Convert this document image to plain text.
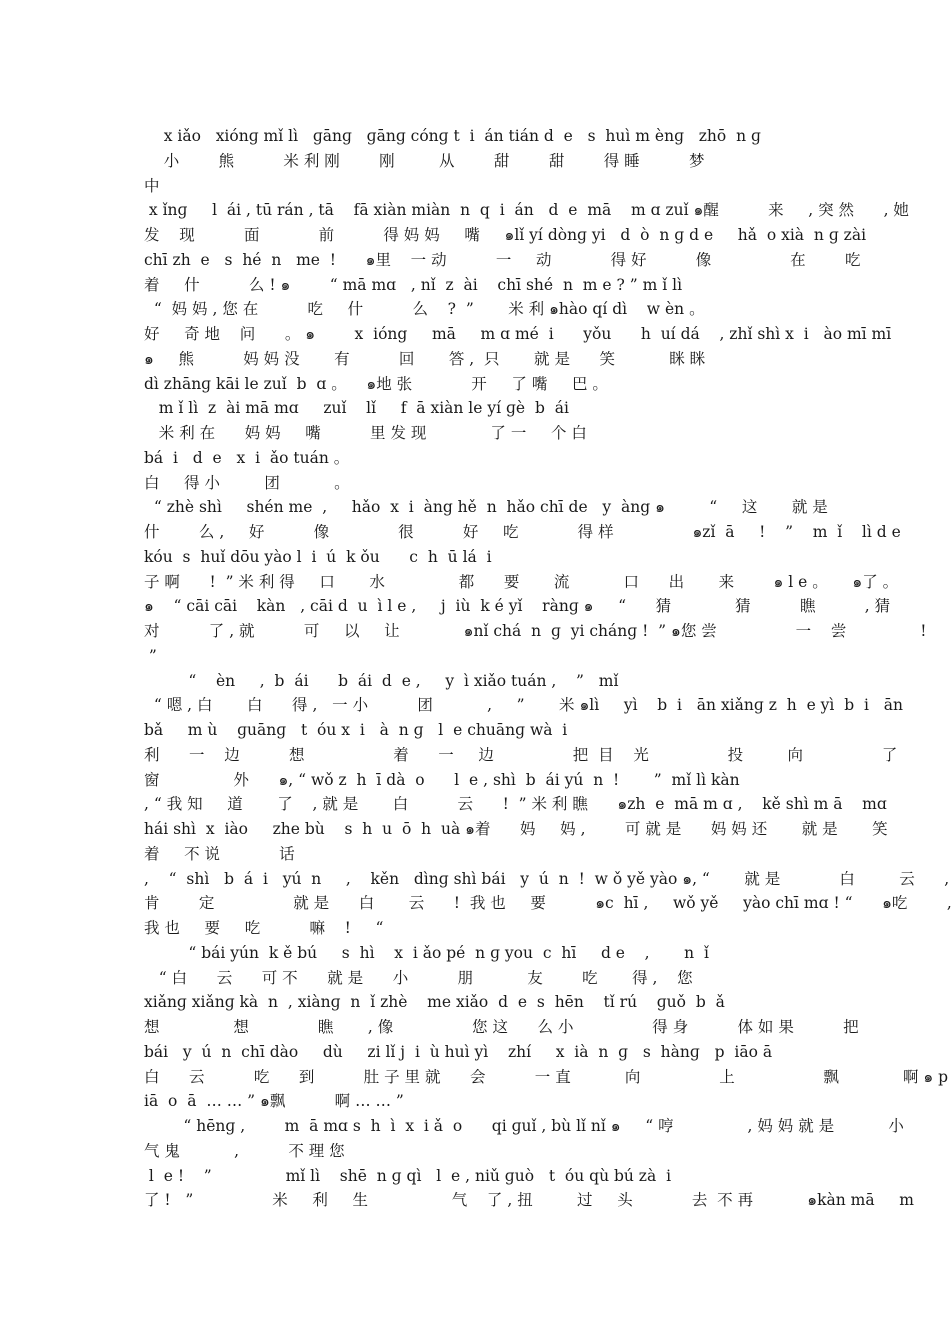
x iǎo   xiónɡ mǐ lì   ɡānɡ   ɡānɡ cónɡ t  i  án tián d  e   s  huì m ènɡ   zhō  n ɡ
小        熊          米 利 刚        刚         从        甜        甜        得 睡          梦
中
x ǐnɡ     l  ái , tū rán , tā    fā xiàn miàn  n  q  i  án   d  e  mā    m ɑ zuǐ ๑醒          来     , 突 然      , 她
发    现          面            前          得 妈 妈     嘴     ๑lǐ yí dònɡ yi   d  ò  n ɡ d e     hǎ  o xià  n ɡ zài
chī zh  e   s  hé  n   me  !      ๑里    一 动          一     动            得 好          像                在        吃
着     什          么 ! ๑        “ mā mɑ   , nǐ  z  ài    chī shé  n  m e ? ” m ǐ lì
“  妈 妈 , 您 在          吃     什          么    ?  ”       米 利 ๑hào qí dì    w èn 。
好     奇 地    问      。 ๑        x  ióng     mā     m ɑ mé  i      yǒu      h  uí dá    , zhǐ shì x  i   ào mī mī
๑     熊          妈 妈 没       有          回       答 ,  只       就 是      笑           眯 眯
dì zhānɡ kāi le zuǐ  b  ɑ 。    ๑地 张            开     了 嘴     巴 。
m ǐ lì  z  ài mā mɑ     zuǐ    lǐ     f  ā xiàn le yí ɡè  b  ái
米 利 在      妈 妈     嘴          里 发 现             了 一     个 白
bá  i   d  e   x  i  ǎo tuán 。
白     得 小         团           。
“ zhè shì     shén me  ,     hǎo  x  i  àng hě  n  hǎo chī de   y  àng ๑         “     这       就 是
什        么 ,     好          像              很          好     吃            得 样                ๑zǐ  ā     !    ”    m  ǐ    lì d e
kóu  s  huǐ dōu yào l  i  ú  k ǒu      c  h  ū lá  i
子 啊      !  ” 米 利 得     口       水               都      要       流           口      出       来        ๑ l e 。     ๑了 。
๑    “ cāi cāi    kàn   , cāi d  u  ì l e ,     j  iù  k é yǐ    rànɡ ๑     “      猜             猜          瞧          , 猜
对          了 , 就          可     以     让             ๑nǐ chá  n  ɡ  yi chánɡ !  ” ๑您 尝                一    尝               !
”
“    èn     ,  b  ái      b  ái  d  e ,     y  ì xiǎo tuán ,    ”   mǐ
“ 嗯 , 白       白      得 ,   一 小          团           ,     ”       米 ๑lì     yì    b  i   ān xiǎnɡ z  h  e yì  b  i   ān
bǎ     m ù    ɡuānɡ   t  óu x  i   à  n ɡ   l  e chuānɡ wà  i
利      一    边          想                  着      一     边                把  目    光                投         向                了
窗               外      ๑, “ wǒ z  h  ī dà  o      l  e , shì  b  ái yú  n  !       ”  mǐ lì kàn
, “ 我 知     道       了    , 就 是       白          云      !  ” 米 利 瞧      ๑zh  e  mā m ɑ ,    kě shì m ā    mɑ
hái shì  x  iào     zhe bù    s  h  u  ō  h  uà ๑着      妈     妈 ,        可 就 是      妈 妈 还       就 是       笑
着     不 说            话
,    “  shì   b  á  i   yú  n     ,    kěn   dìnɡ shì bái   y  ú  n  !  w ǒ yě yào ๑, “       就 是            白         云      ,
肯        定                就 是      白       云      !  我 也     要          ๑c  hī ,     wǒ yě     yào chī mɑ ! “      ๑吃        ,
我 也     要     吃          嘛    !     “
“ bái yún  k ě bú     s  hì    x  i ǎo pé  n ɡ you  c  hī     d e    ,       n  ǐ
“ 白      云      可 不      就 是      小          朋           友        吃       得 ,    您
xiǎnɡ xiǎnɡ kà  n  , xiànɡ  n  ǐ zhè    me xiǎo  d  e  s  hēn    tǐ rú    ɡuǒ  b  ǎ
想               想              瞧       , 像                您 这      么 小                得 身          体 如 果          把
bái   y  ú  n  chī dào     dù     zi lǐ j  i  ù huì yì    zhí     x  ià  n  ɡ   s  hànɡ   p  iāo ā
白      云          吃      到          肚 子 里 就      会          一 直           向                上                  飘             啊 ๑ p
iā  o  ā  … … ” ๑飘          啊 … … ”
“ hēnɡ ,        m  ā mɑ s  h  ì  x  i ǎ  o      qi ɡuǐ , bù lǐ nǐ ๑     “ 哼               , 妈 妈 就 是           小
气 鬼           ,          不 理 您
l  e !    ”               mǐ lì    shē  n ɡ qì   l  e , niǔ ɡuò   t  óu qù bú zà  i
了 !   ”                米     利     生                 气    了 , 扭         过     头            去  不 再           ๑kàn mā     m
